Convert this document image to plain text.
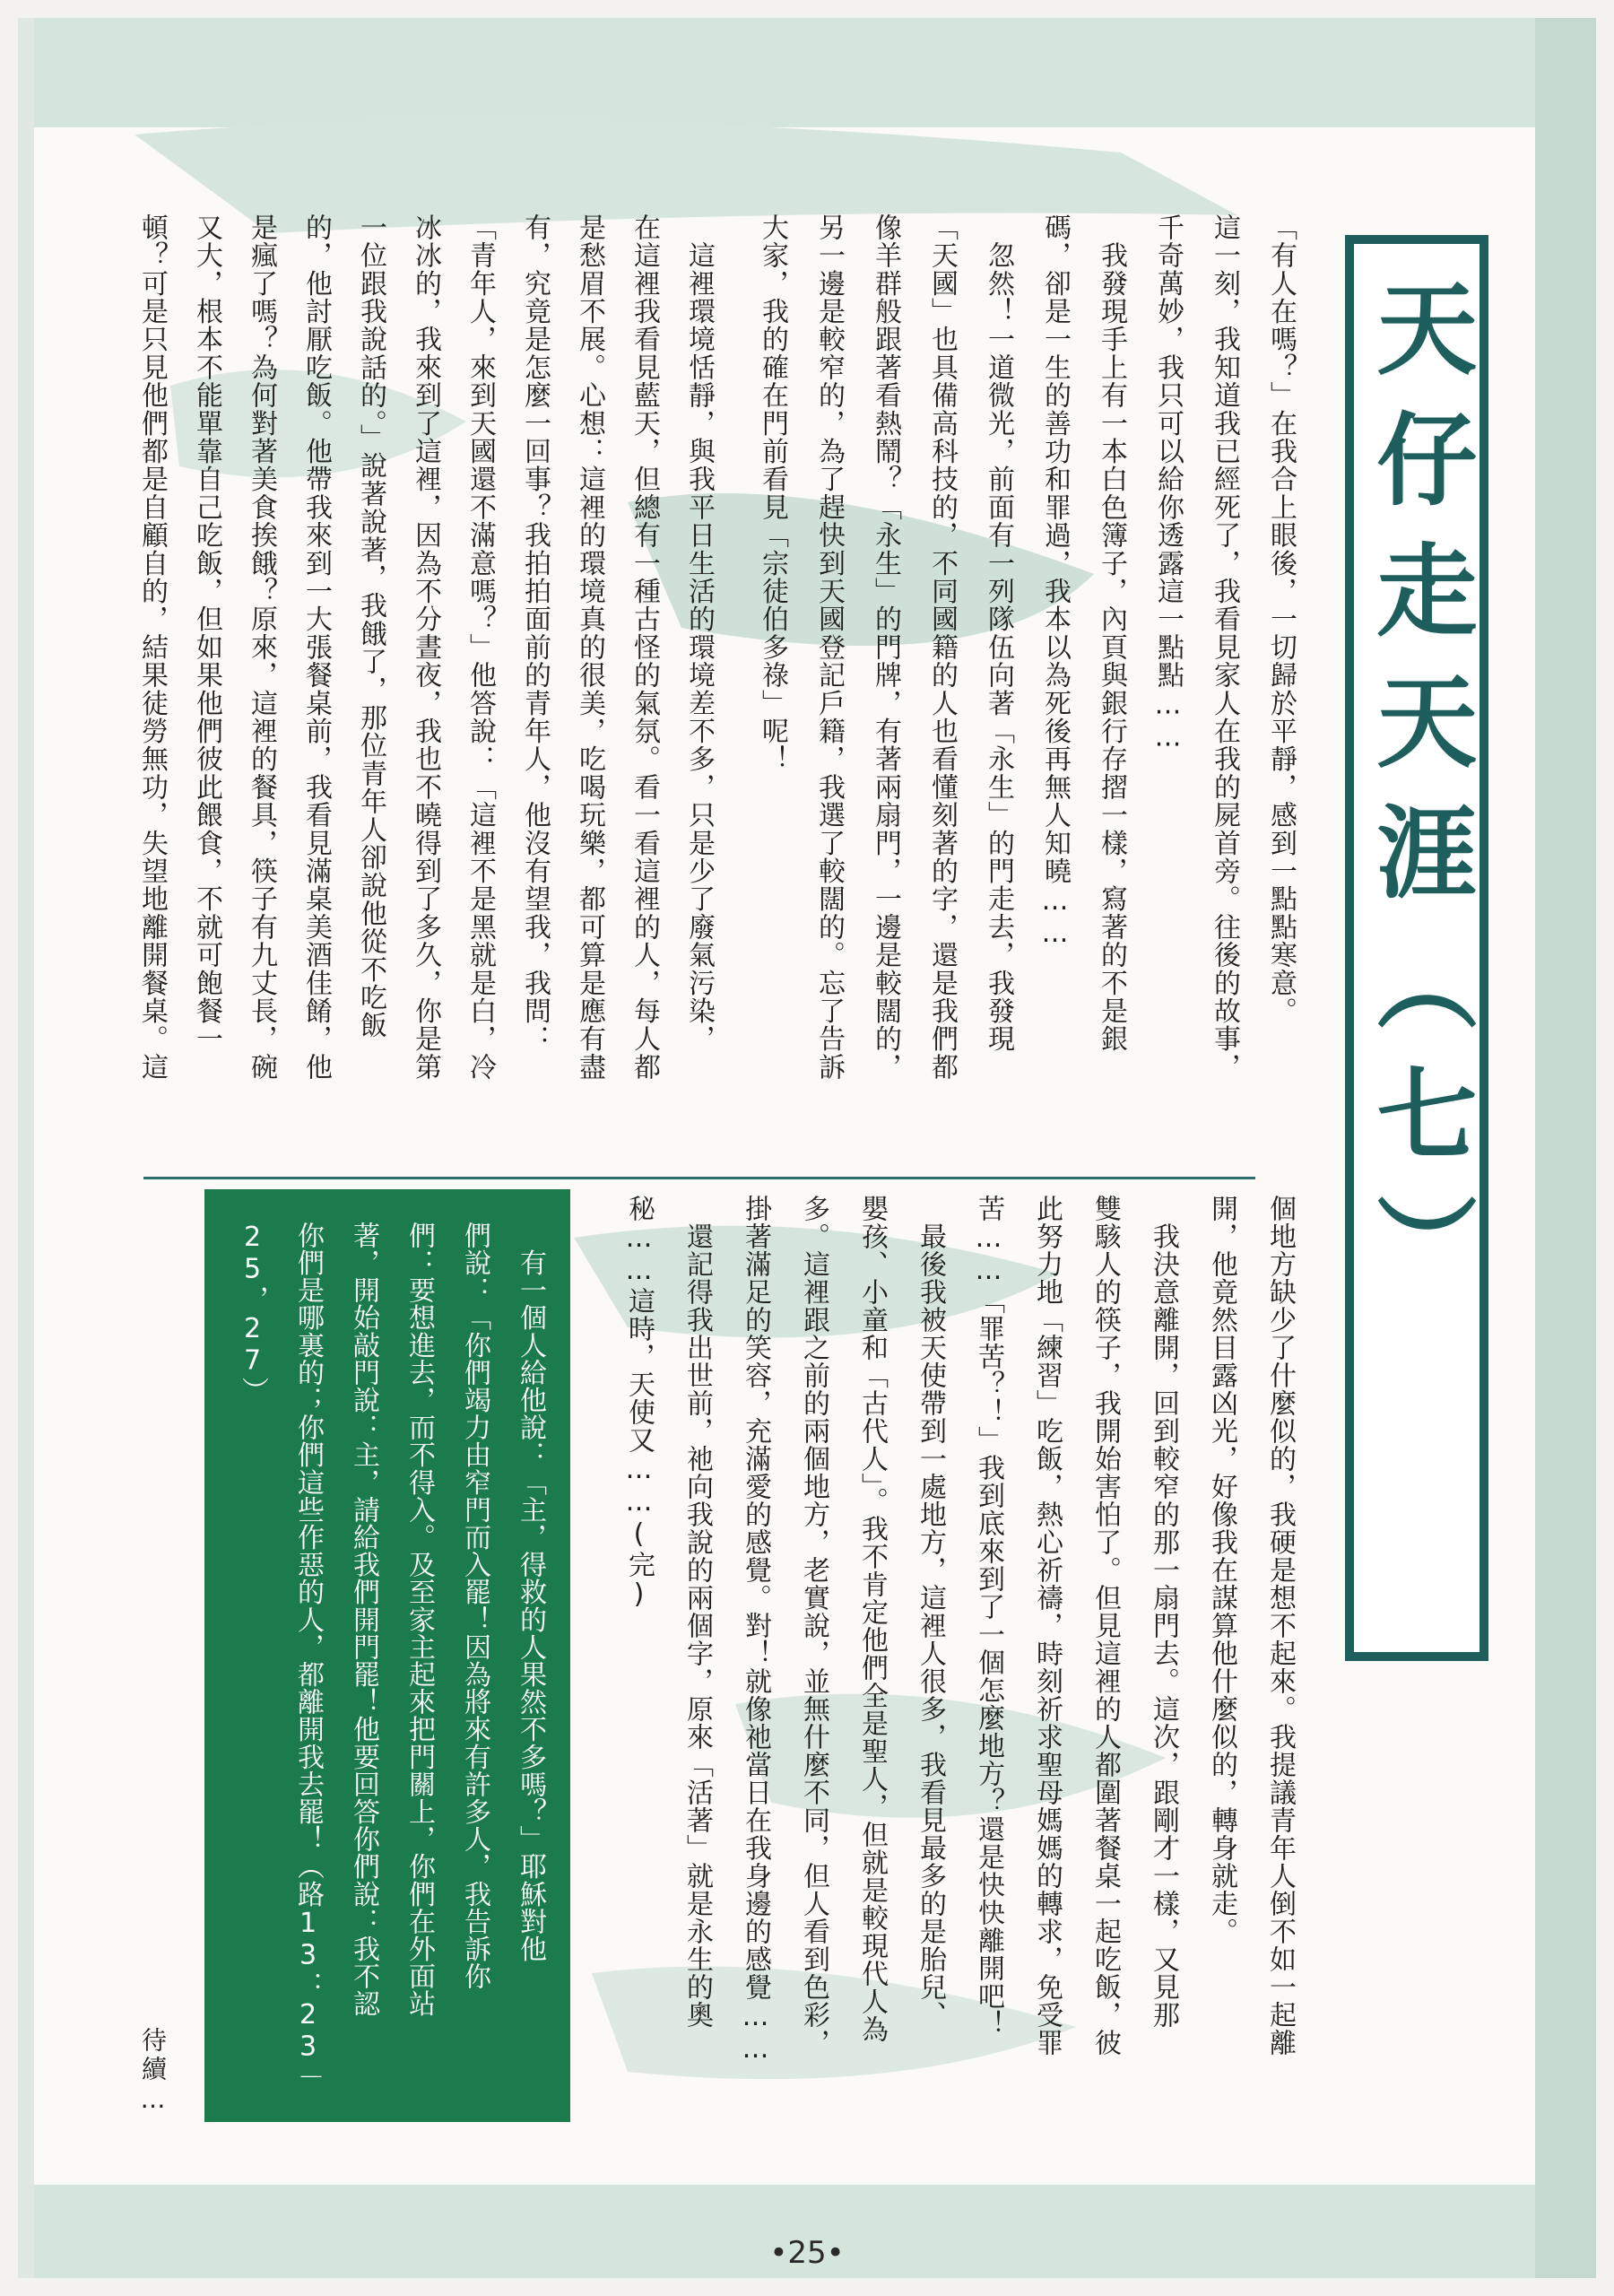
天仔走天涯（七）

「有人在嗎？」在我合上眼後，一切歸於平靜，感到一點點寒意。

這一刻，我知道我已經死了，我看見家人在我的屍首旁。往後的故事，

千奇萬妙，我只可以給你透露這一點點……

　我發現手上有一本白色簿子，內頁與銀行存摺一樣，寫著的不是銀

碼，卻是一生的善功和罪過，我本以為死後再無人知曉……

　忽然！一道微光，前面有一列隊伍向著「永生」的門走去，我發現

「天國」也具備高科技的，不同國籍的人也看懂刻著的字，還是我們都

像羊群般跟著看熱鬧？「永生」的門牌，有著兩扇門，一邊是較闊的，

另一邊是較窄的，為了趕快到天國登記戶籍，我選了較闊的。忘了告訴

大家，我的確在門前看見「宗徒伯多祿」呢！

　這裡環境恬靜，與我平日生活的環境差不多，只是少了廢氣污染，

在這裡我看見藍天，但總有一種古怪的氣氛。看一看這裡的人，每人都

是愁眉不展。心想：這裡的環境真的很美，吃喝玩樂，都可算是應有盡

有，究竟是怎麼一回事？我拍拍面前的青年人，他沒有望我，我問：

「青年人，來到天國還不滿意嗎？」他答說：「這裡不是黑就是白，冷

冰冰的，我來到了這裡，因為不分晝夜，我也不曉得到了多久，你是第

一位跟我說話的。」說著說著，我餓了，那位青年人卻說他從不吃飯

的，他討厭吃飯。他帶我來到一大張餐桌前，我看見滿桌美酒佳餚，他

是瘋了嗎？為何對著美食挨餓？原來，這裡的餐具，筷子有九丈長，碗

又大，根本不能單靠自己吃飯，但如果他們彼此餵食，不就可飽餐一

頓？可是只見他們都是自顧自的，結果徒勞無功，失望地離開餐桌。這

個地方缺少了什麼似的，我硬是想不起來。我提議青年人倒不如一起離

開，他竟然目露凶光，好像我在謀算他什麼似的，轉身就走。

　我決意離開，回到較窄的那一扇門去。這次，跟剛才一樣，又見那

雙駭人的筷子，我開始害怕了。但見這裡的人都圍著餐桌一起吃飯，彼

此努力地「練習」吃飯，熱心祈禱，時刻祈求聖母媽媽的轉求，免受罪

苦……「罪苦？！」我到底來到了一個怎麼地方？還是快快離開吧！

　最後我被天使帶到一處地方，這裡人很多，我看見最多的是胎兒、

嬰孩、小童和「古代人」。我不肯定他們全是聖人，但就是較現代人為

多。這裡跟之前的兩個地方，老實說，並無什麼不同，但人看到色彩，

掛著滿足的笑容，充滿愛的感覺。對！就像祂當日在我身邊的感覺……

　還記得我出世前，祂向我說的兩個字，原來「活著」就是永生的奧

秘……這時，天使又……(完)

　有一個人給他說：「主，得救的人果然不多嗎？」耶穌對他

們說：「你們竭力由窄門而入罷！因為將來有許多人，我告訴你

們：要想進去，而不得入。及至家主起來把門關上，你們在外面站

著，開始敲門說：主，請給我們開門罷！他要回答你們說：我不認

你們是哪裏的；你們這些作惡的人，都離開我去罷！（路13：23－

25，27）

待續…
•25•
